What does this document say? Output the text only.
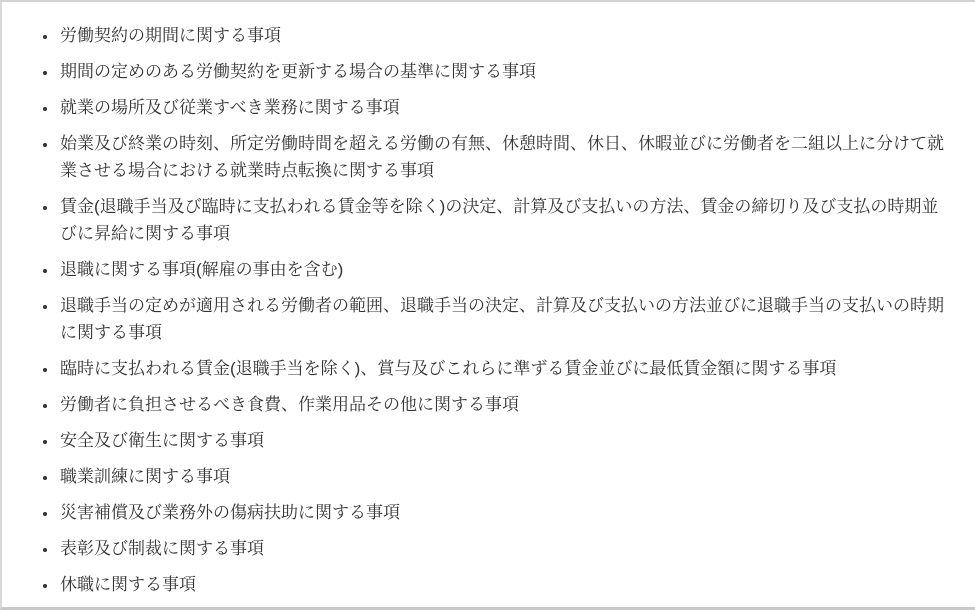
• 労働契約の期間に関する事項
• 期間の定めのある労働契約を更新する場合の基準に関する事項
• 就業の場所及び従業すべき業務に関する事項
• 始業及び終業の時刻、所定労働時間を超える労働の有無、休憩時間、休日、休暇並びに労働者を二組以上に分けて就業させる場合における就業時点転換に関する事項
• 賃金(退職手当及び臨時に支払われる賃金等を除く)の決定、計算及び支払いの方法、賃金の締切り及び支払の時期並びに昇給に関する事項
• 退職に関する事項(解雇の事由を含む)
• 退職手当の定めが適用される労働者の範囲、退職手当の決定、計算及び支払いの方法並びに退職手当の支払いの時期に関する事項
• 臨時に支払われる賃金(退職手当を除く)、賞与及びこれらに準ずる賃金並びに最低賃金額に関する事項
• 労働者に負担させるべき食費、作業用品その他に関する事項
• 安全及び衛生に関する事項
• 職業訓練に関する事項
• 災害補償及び業務外の傷病扶助に関する事項
• 表彰及び制裁に関する事項
• 休職に関する事項
